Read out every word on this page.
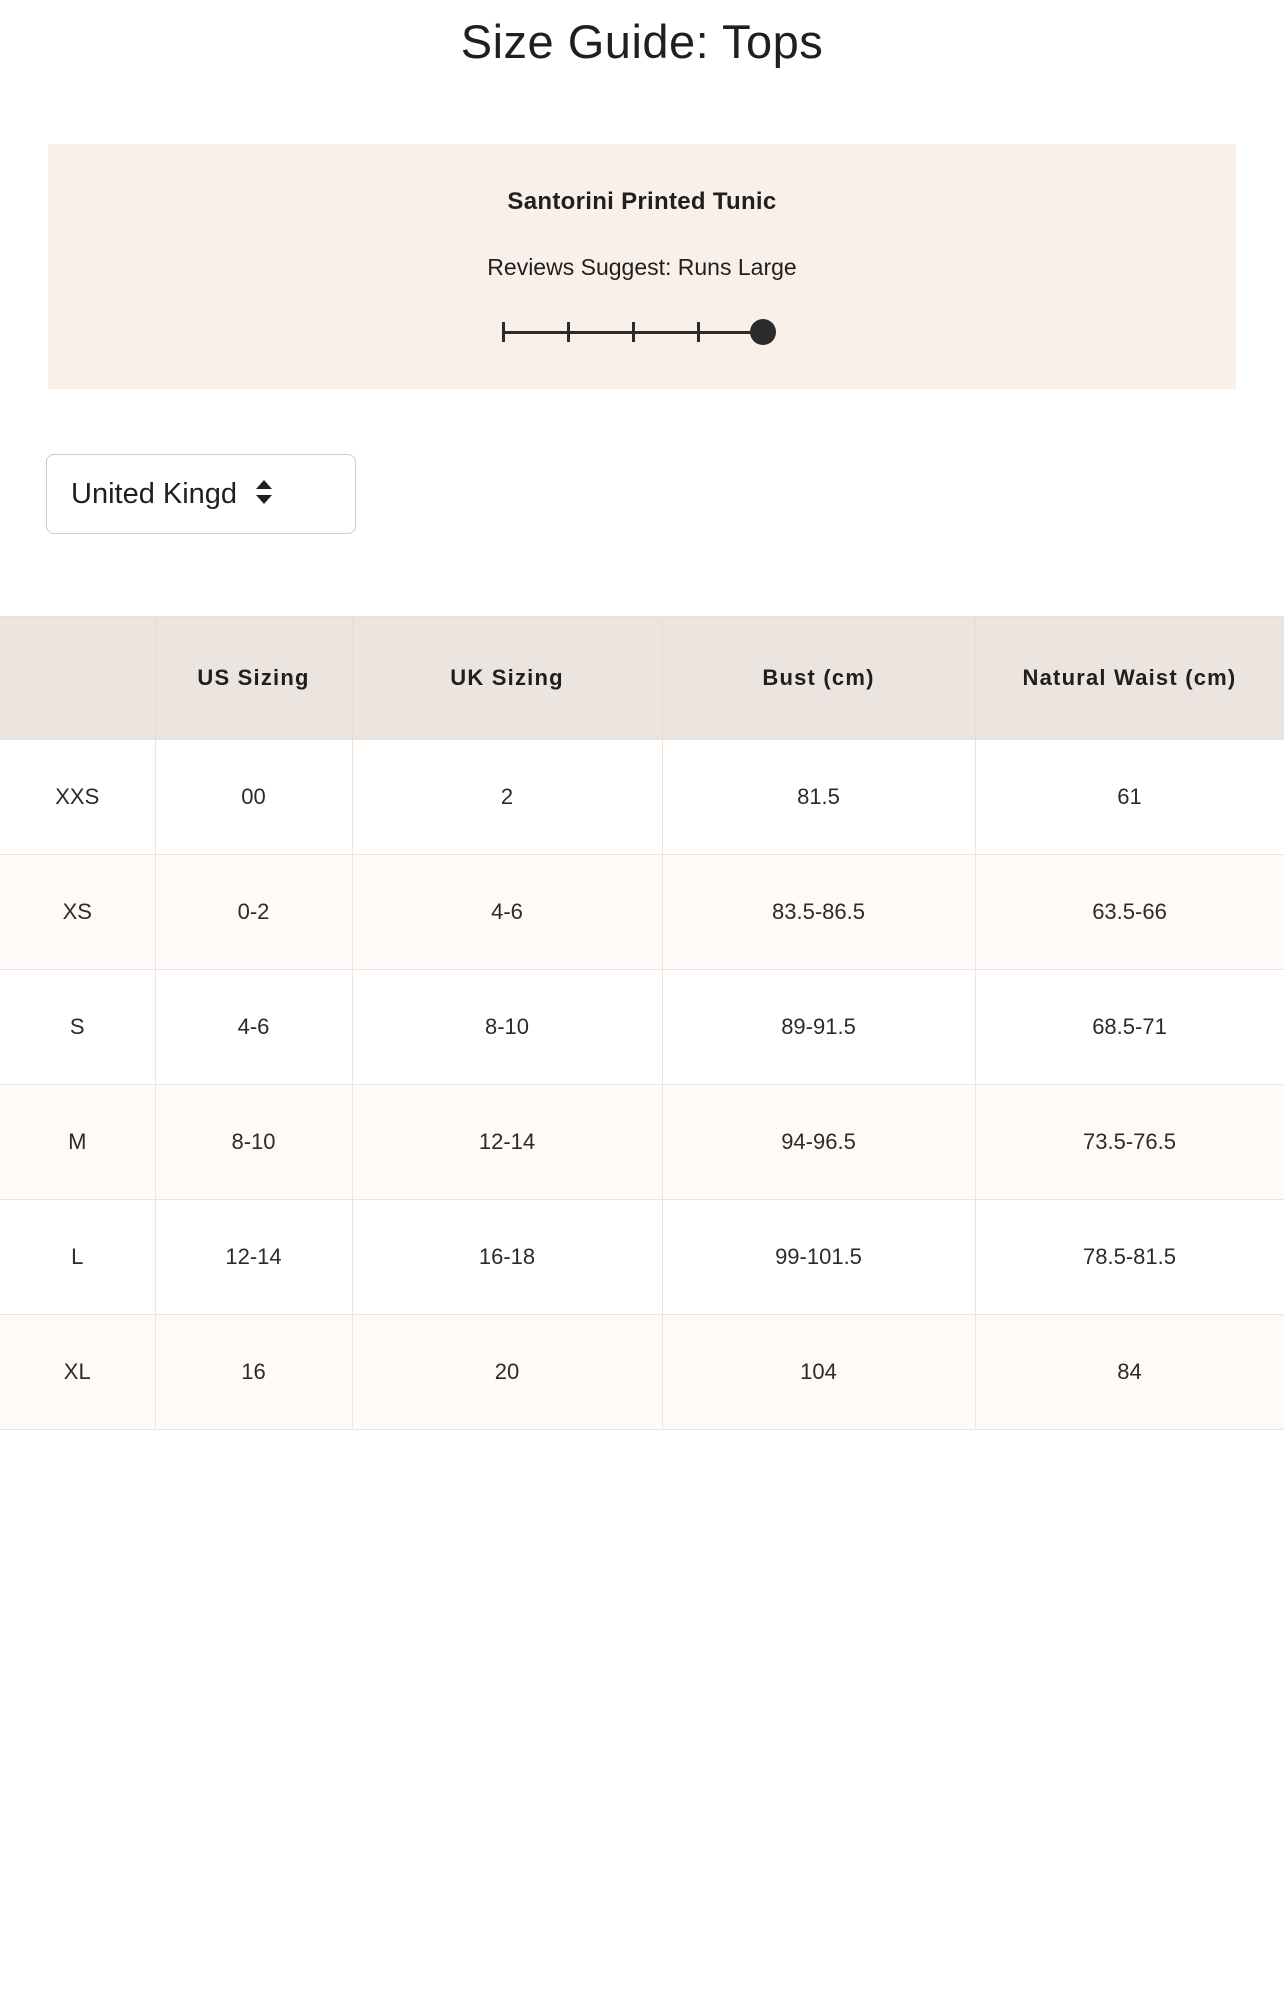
Size Guide: Tops
Santorini Printed Tunic
Reviews Suggest: Runs Large
United Kingd
	US Sizing	UK Sizing	Bust (cm)	Natural Waist (cm)
XXS	00	2	81.5	61
XS	0-2	4-6	83.5-86.5	63.5-66
S	4-6	8-10	89-91.5	68.5-71
M	8-10	12-14	94-96.5	73.5-76.5
L	12-14	16-18	99-101.5	78.5-81.5
XL	16	20	104	84
